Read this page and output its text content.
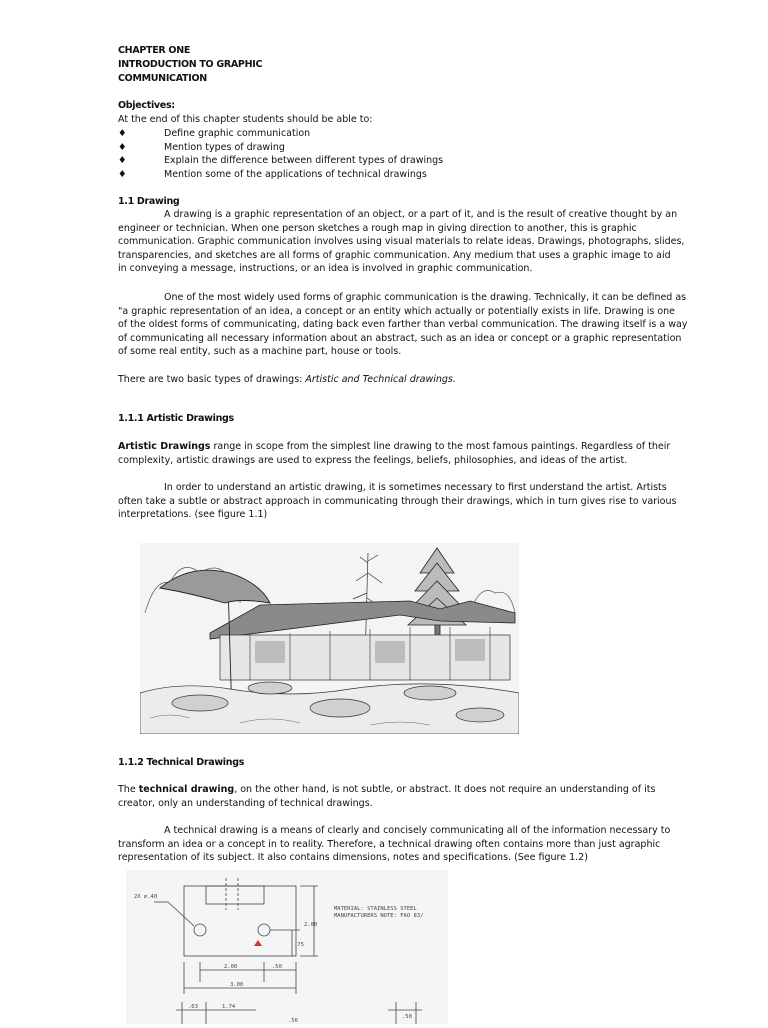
CHAPTER ONE
INTRODUCTION TO GRAPHIC
COMMUNICATION
Objectives:
At the end of this chapter students should be able to:
♦	Define graphic communication
♦	Mention types of drawing
♦	Explain the difference between different types of drawings
♦	Mention some of the applications of technical drawings
1.1 Drawing
A drawing is a graphic representation of an object, or a part of it, and is the result of creative thought by an
engineer or technician. When one person sketches a rough map in giving direction to another, this is graphic
communication. Graphic communication involves using visual materials to relate ideas. Drawings, photographs, slides,
transparencies, and sketches are all forms of graphic communication. Any medium that uses a graphic image to aid
in conveying a message, instructions, or an idea is involved in graphic communication.
One of the most widely used forms of graphic communication is the drawing. Technically, it can be defined as
"a graphic representation of an idea, a concept or an entity which actually or potentially exists in life. Drawing is one
of the oldest forms of communicating, dating back even farther than verbal communication. The drawing itself is a way
of communicating all necessary information about an abstract, such as an idea or concept or a graphic representation
of some real entity, such as a machine part, house or tools.
There are two basic types of drawings: Artistic and Technical drawings.
1.1.1 Artistic Drawings
Artistic Drawings range in scope from the simplest line drawing to the most famous paintings. Regardless of their
complexity, artistic drawings are used to express the feelings, beliefs, philosophies, and ideas of the artist.
In order to understand an artistic drawing, it is sometimes necessary to first understand the artist. Artists
often take a subtle or abstract approach in communicating through their drawings, which in turn gives rise to various
interpretations. (see figure 1.1)
1.1.2 Technical Drawings
The technical drawing, on the other hand, is not subtle, or abstract. It does not require an understanding of its
creator, only an understanding of technical drawings.
A technical drawing is a means of clearly and concisely communicating all of the information necessary to
transform an idea or a concept in to reality. Therefore, a technical drawing often contains more than just agraphic
representation of its subject. It also contains dimensions, notes and specifications. (See figure 1.2)
2X ⌀.40
MATERIAL: STAINLESS STEEL
MANUFACTURERS NOTE: FAO 83/
2.00
.75
2.00	.50
3.00
.63	1.74
.56
.50
